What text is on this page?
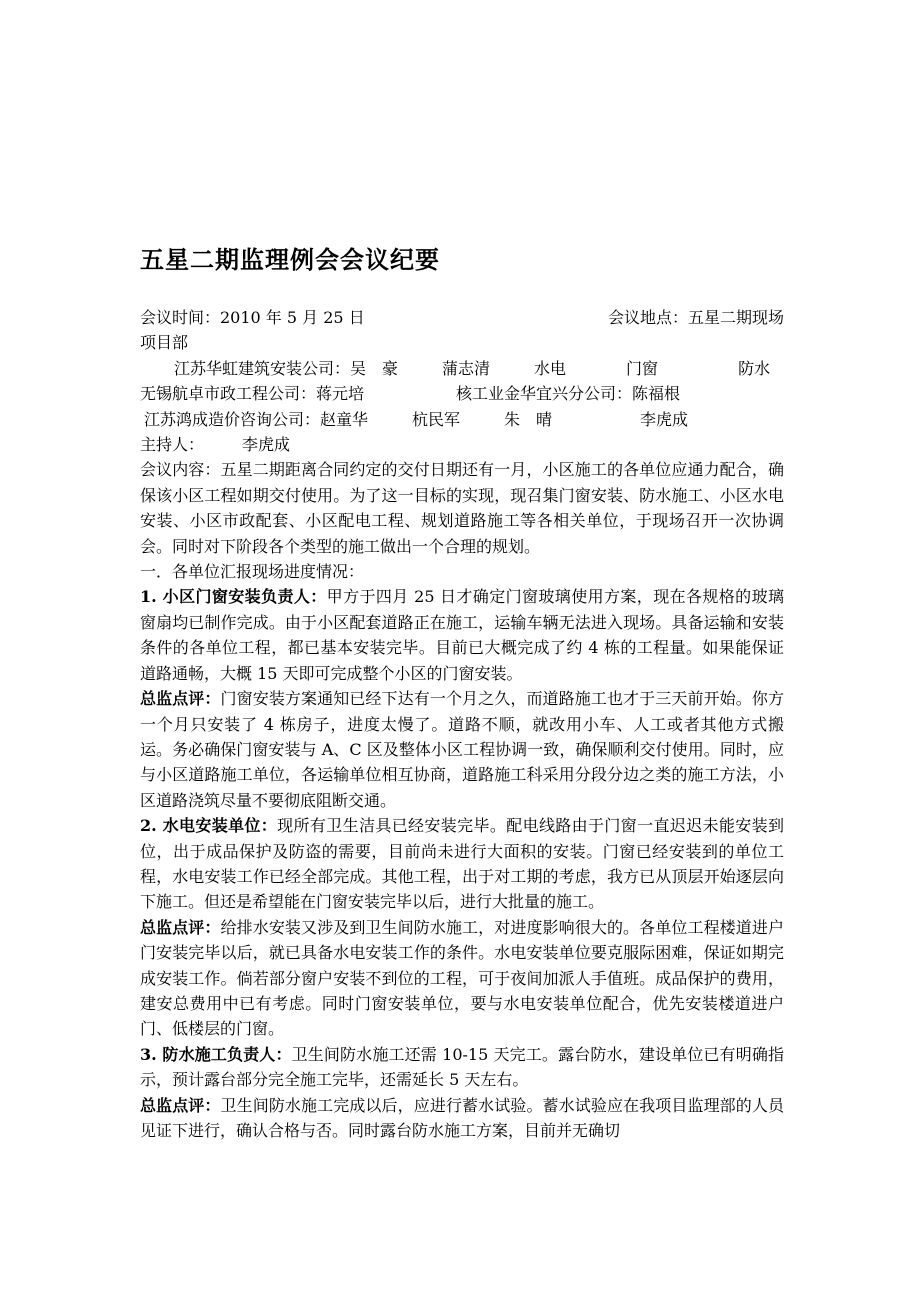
五星二期监理例会会议纪要
会议时间：2010 年 5 月 25 日	会议地点：五星二期现场
项目部
江苏华虹建筑安装公司：吴　豪	蒲志清	水电	门窗	防水
无锡航卓市政工程公司：蒋元培	核工业金华宜兴分公司：陈福根
江苏鸿成造价咨询公司：赵童华	杭民军	朱　晴	李虎成
主持人： 李虎成

会议内容：五星二期距离合同约定的交付日期还有一月，小区施工的各单位应通力配合，确保该小区工程如期交付使用。为了这一目标的实现，现召集门窗安装、防水施工、小区水电安装、小区市政配套、小区配电工程、规划道路施工等各相关单位，于现场召开一次协调会。同时对下阶段各个类型的施工做出一个合理的规划。

一．各单位汇报现场进度情况：

1. 小区门窗安装负责人：甲方于四月 25 日才确定门窗玻璃使用方案，现在各规格的玻璃窗扇均已制作完成。由于小区配套道路正在施工，运输车辆无法进入现场。具备运输和安装条件的各单位工程，都已基本安装完毕。目前已大概完成了约 4 栋的工程量。如果能保证道路通畅，大概 15 天即可完成整个小区的门窗安装。

总监点评：门窗安装方案通知已经下达有一个月之久，而道路施工也才于三天前开始。你方一个月只安装了 4 栋房子，进度太慢了。道路不顺，就改用小车、人工或者其他方式搬运。务必确保门窗安装与 A、C 区及整体小区工程协调一致，确保顺利交付使用。同时，应与小区道路施工单位，各运输单位相互协商，道路施工科采用分段分边之类的施工方法，小区道路浇筑尽量不要彻底阻断交通。

2. 水电安装单位：现所有卫生洁具已经安装完毕。配电线路由于门窗一直迟迟未能安装到位，出于成品保护及防盗的需要，目前尚未进行大面积的安装。门窗已经安装到的单位工程，水电安装工作已经全部完成。其他工程，出于对工期的考虑，我方已从顶层开始逐层向下施工。但还是希望能在门窗安装完毕以后，进行大批量的施工。

总监点评：给排水安装又涉及到卫生间防水施工，对进度影响很大的。各单位工程楼道进户门安装完毕以后，就已具备水电安装工作的条件。水电安装单位要克服际困难，保证如期完成安装工作。倘若部分窗户安装不到位的工程，可于夜间加派人手值班。成品保护的费用，建安总费用中已有考虑。同时门窗安装单位，要与水电安装单位配合，优先安装楼道进户门、低楼层的门窗。

3. 防水施工负责人：卫生间防水施工还需 10-15 天完工。露台防水，建设单位已有明确指示，预计露台部分完全施工完毕，还需延长 5 天左右。

总监点评：卫生间防水施工完成以后，应进行蓄水试验。蓄水试验应在我项目监理部的人员见证下进行，确认合格与否。同时露台防水施工方案，目前并无确切
